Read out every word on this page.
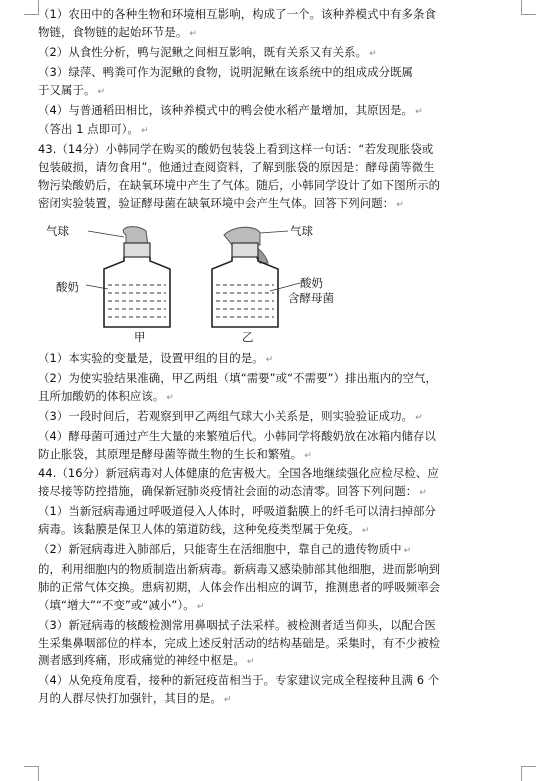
（1）农田中的各种生物和环境相互影响，构成了一个。该种养模式中有多条食

物链，食物链的起始环节是。 ↵

（2）从食性分析，鸭与泥鳅之间相互影响，既有关系又有关系。 ↵

（3）绿萍、鸭粪可作为泥鳅的食物，说明泥鳅在该系统中的组成成分既属

于又属于。 ↵

（4）与普通稻田相比，该种养模式中的鸭会使水稻产量增加，其原因是。 ↵

（答出 1 点即可）。 ↵

43.（14分）小韩同学在购买的酸奶包装袋上看到这样一句话：“若发现胀袋或

包装破损，请勿食用”。他通过查阅资料，了解到胀袋的原因是：酵母菌等微生

物污染酸奶后，在缺氧环境中产生了气体。随后，小韩同学设计了如下图所示的

密闭实验装置，验证酵母菌在缺氧环境中会产生气体。回答下列问题： ↵

气球	气球
酸奶	酸奶
含酵母菌
甲	乙

（1）本实验的变量是，设置甲组的目的是。 ↵

（2）为使实验结果准确，甲乙两组（填“需要”或“不需要”）排出瓶内的空气，

且所加酸奶的体积应该。 ↵

（3）一段时间后，若观察到甲乙两组气球大小关系是，则实验验证成功。 ↵

（4）酵母菌可通过产生大量的来繁殖后代。小韩同学将酸奶放在冰箱内储存以

防止胀袋，其原理是酵母菌等微生物的生长和繁殖。 ↵

44.（16分）新冠病毒对人体健康的危害极大。全国各地继续强化应检尽检、应

接尽接等防控措施，确保新冠肺炎疫情社会面的动态清零。回答下列问题： ↵

（1）当新冠病毒通过呼吸道侵入人体时，呼吸道黏膜上的纤毛可以清扫掉部分

病毒。该黏膜是保卫人体的第道防线，这种免疫类型属于免疫。 ↵

（2）新冠病毒进入肺部后，只能寄生在活细胞中，靠自己的遗传物质中 ↵

的，利用细胞内的物质制造出新病毒。新病毒又感染肺部其他细胞，进而影响到

肺的正常气体交换。患病初期，人体会作出相应的调节，推测患者的呼吸频率会

（填“增大”“不变”或“减小”）。 ↵

（3）新冠病毒的核酸检测常用鼻咽拭子法采样。被检测者适当仰头，以配合医

生采集鼻咽部位的样本，完成上述反射活动的结构基础是。采集时，有不少被检

测者感到疼痛，形成痛觉的神经中枢是。 ↵

（4）从免疫角度看，接种的新冠疫苗相当于。专家建议完成全程接种且满 6 个

月的人群尽快打加强针，其目的是。 ↵
